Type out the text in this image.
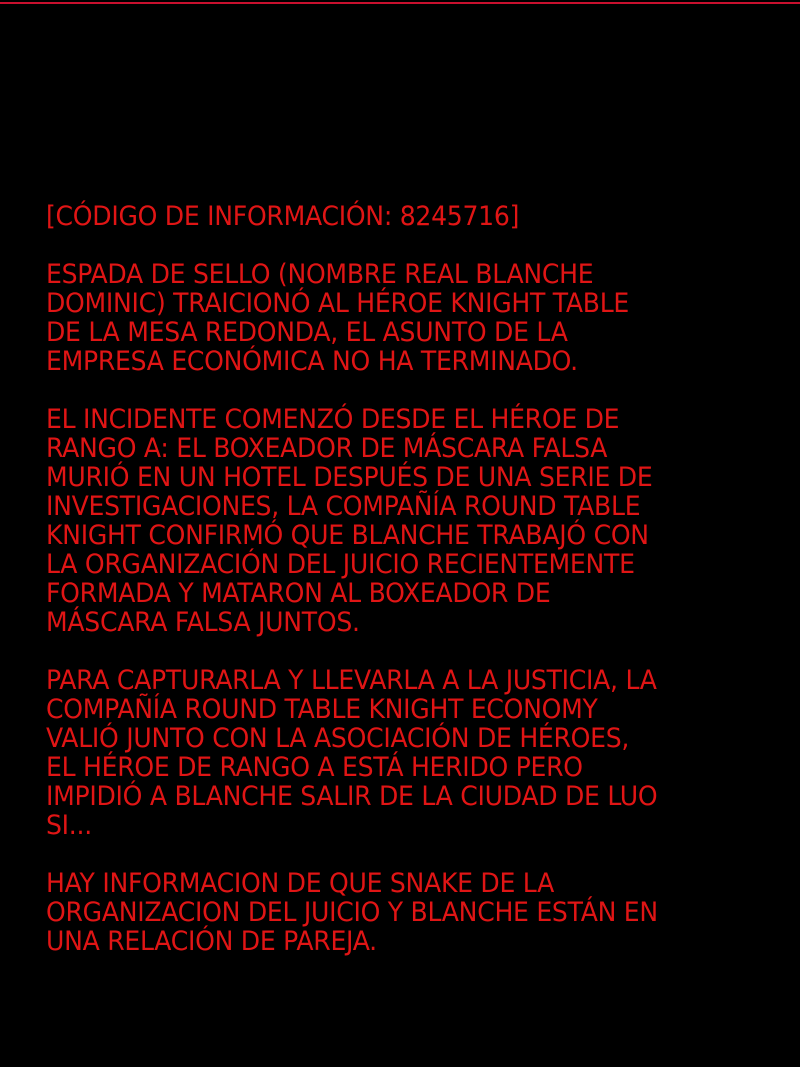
[CÓDIGO DE INFORMACIÓN: 8245716]

ESPADA DE SELLO (NOMBRE REAL BLANCHE
DOMINIC) TRAICIONÓ AL HÉROE KNIGHT TABLE
DE LA MESA REDONDA, EL ASUNTO DE LA
EMPRESA ECONÓMICA NO HA TERMINADO.

EL INCIDENTE COMENZÓ DESDE EL HÉROE DE
RANGO A: EL BOXEADOR DE MÁSCARA FALSA
MURIÓ EN UN HOTEL DESPUÉS DE UNA SERIE DE
INVESTIGACIONES, LA COMPAÑÍA ROUND TABLE
KNIGHT CONFIRMÓ QUE BLANCHE TRABAJÓ CON
LA ORGANIZACIÓN DEL JUICIO RECIENTEMENTE
FORMADA Y MATARON AL BOXEADOR DE
MÁSCARA FALSA JUNTOS.

PARA CAPTURARLA Y LLEVARLA A LA JUSTICIA, LA
COMPAÑÍA ROUND TABLE KNIGHT ECONOMY
VALIÓ JUNTO CON LA ASOCIACIÓN DE HÉROES,
EL HÉROE DE RANGO A ESTÁ HERIDO PERO
IMPIDIÓ A BLANCHE SALIR DE LA CIUDAD DE LUO
SI...

HAY INFORMACION DE QUE SNAKE DE LA
ORGANIZACION DEL JUICIO Y BLANCHE ESTÁN EN
UNA RELACIÓN DE PAREJA.
